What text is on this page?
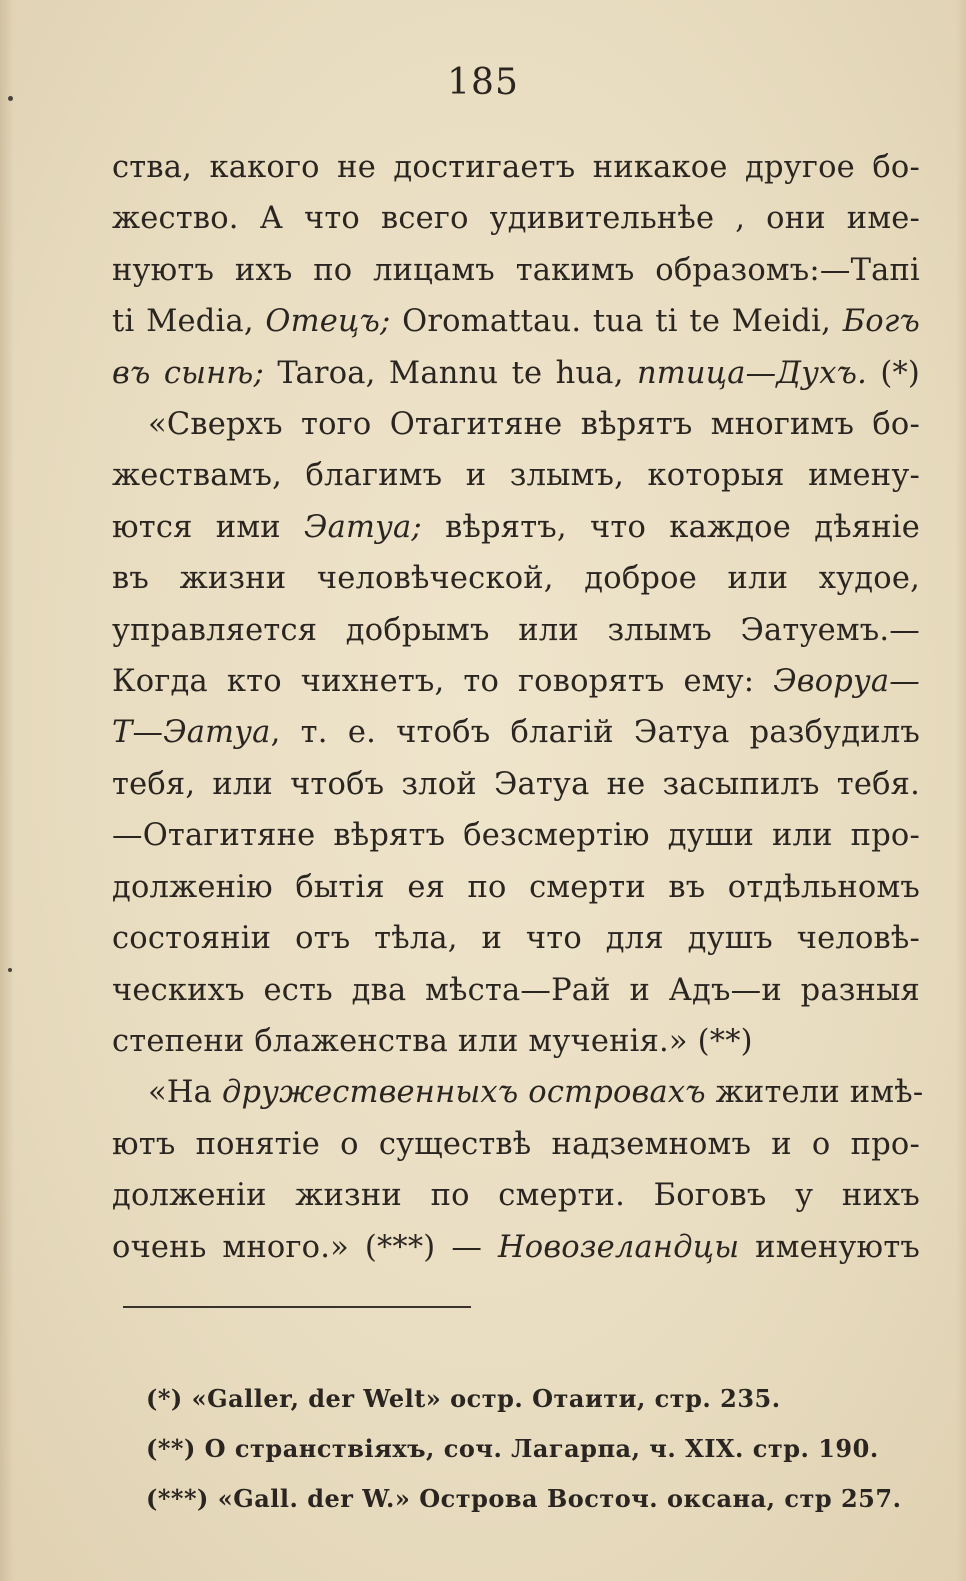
185
ства, какого не достигаетъ никакое другое бо-
жество. А что всего удивительнѣе , они име-
нуютъ ихъ по лицамъ такимъ образомъ:—Тапі
ti Media, Отецъ; Oromattau. tua ti te Meidi, Богъ
въ сынѣ; Taroa, Mannu te hua, птица—Духъ. (*)
«Сверхъ того Отагитяне вѣрятъ многимъ бо-
жествамъ, благимъ и злымъ, которыя имену-
ются ими Эатуа; вѣрятъ, что каждое дѣяніе
въ жизни человѣческой, доброе или худое,
управляется добрымъ или злымъ Эатуемъ.—
Когда кто чихнетъ, то говорятъ ему: Эворуа—
Т—Эатуа, т. е. чтобъ благій Эатуа разбудилъ
тебя, или чтобъ злой Эатуа не засыпилъ тебя.
—Отагитяне вѣрятъ безсмертію души или про-
долженію бытія ея по смерти въ отдѣльномъ
состояніи отъ тѣла, и что для душъ человѣ-
ческихъ есть два мѣста—Рай и Адъ—и разныя
степени блаженства или мученія.» (**)
«На дружественныхъ островахъ жители имѣ-
ютъ понятіе о существѣ надземномъ и о про-
долженіи жизни по смерти. Боговъ у нихъ
очень много.» (***) — Новозеландцы именуютъ
(*) «Galler, der Welt» остр. Отаити, стр. 235.
(**) О странствіяхъ, соч. Лагарпа, ч. XIX. стр. 190.
(***) «Gall. der W.» Острова Восточ. оксана, стр 257.
